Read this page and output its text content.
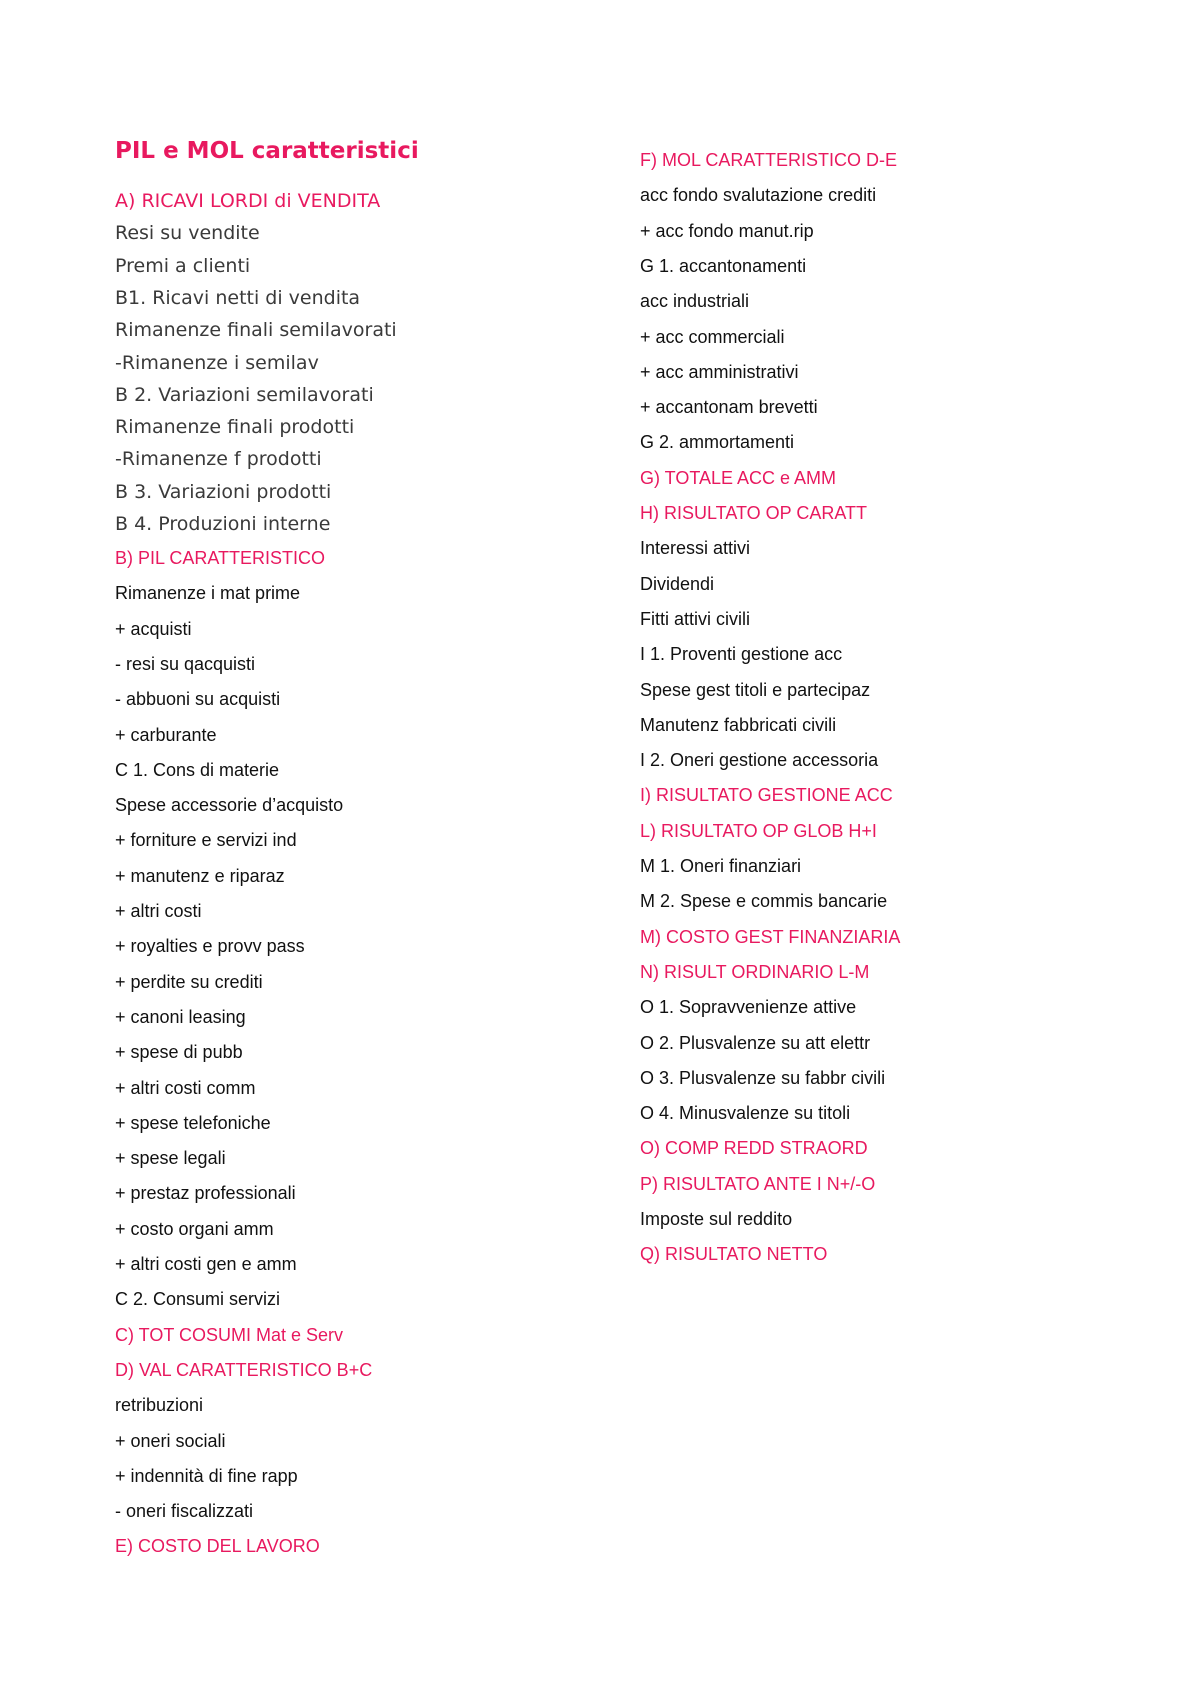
PIL e MOL caratteristici
A) RICAVI LORDI di VENDITA
Resi su vendite
Premi a clienti
B1. Ricavi netti di vendita
Rimanenze finali semilavorati
-Rimanenze i semilav
B 2. Variazioni semilavorati
Rimanenze finali prodotti
-Rimanenze f prodotti
B 3. Variazioni prodotti
B 4. Produzioni interne
B) PIL CARATTERISTICO
Rimanenze i mat prime
+ acquisti
- resi su qacquisti
- abbuoni su acquisti
+ carburante
C 1. Cons di materie
Spese accessorie d’acquisto
+ forniture e servizi ind
+ manutenz e riparaz
+ altri costi
+ royalties e provv pass
+ perdite su crediti
+ canoni leasing
+ spese di pubb
+ altri costi comm
+ spese telefoniche
+ spese legali
+ prestaz professionali
+ costo organi amm
+ altri costi gen e amm
C 2. Consumi servizi
C) TOT COSUMI Mat e Serv
D) VAL CARATTERISTICO B+C
retribuzioni
+ oneri sociali
+ indennità di fine rapp
- oneri fiscalizzati
E) COSTO DEL LAVORO
F) MOL CARATTERISTICO D-E
acc fondo svalutazione crediti
+ acc fondo manut.rip
G 1. accantonamenti
acc industriali
+ acc commerciali
+ acc amministrativi
+ accantonam brevetti
G 2. ammortamenti
G) TOTALE ACC e AMM
H) RISULTATO OP CARATT
Interessi attivi
Dividendi
Fitti attivi civili
I 1. Proventi gestione acc
Spese gest titoli e partecipaz
Manutenz fabbricati civili
I 2. Oneri gestione accessoria
I) RISULTATO GESTIONE ACC
L) RISULTATO OP GLOB H+I
M 1. Oneri finanziari
M 2. Spese e commis bancarie
M) COSTO GEST FINANZIARIA
N) RISULT ORDINARIO L-M
O 1. Sopravvenienze attive
O 2. Plusvalenze su att elettr
O 3. Plusvalenze su fabbr civili
O 4. Minusvalenze su titoli
O) COMP REDD STRAORD
P) RISULTATO ANTE I N+/-O
Imposte sul reddito
Q) RISULTATO NETTO
